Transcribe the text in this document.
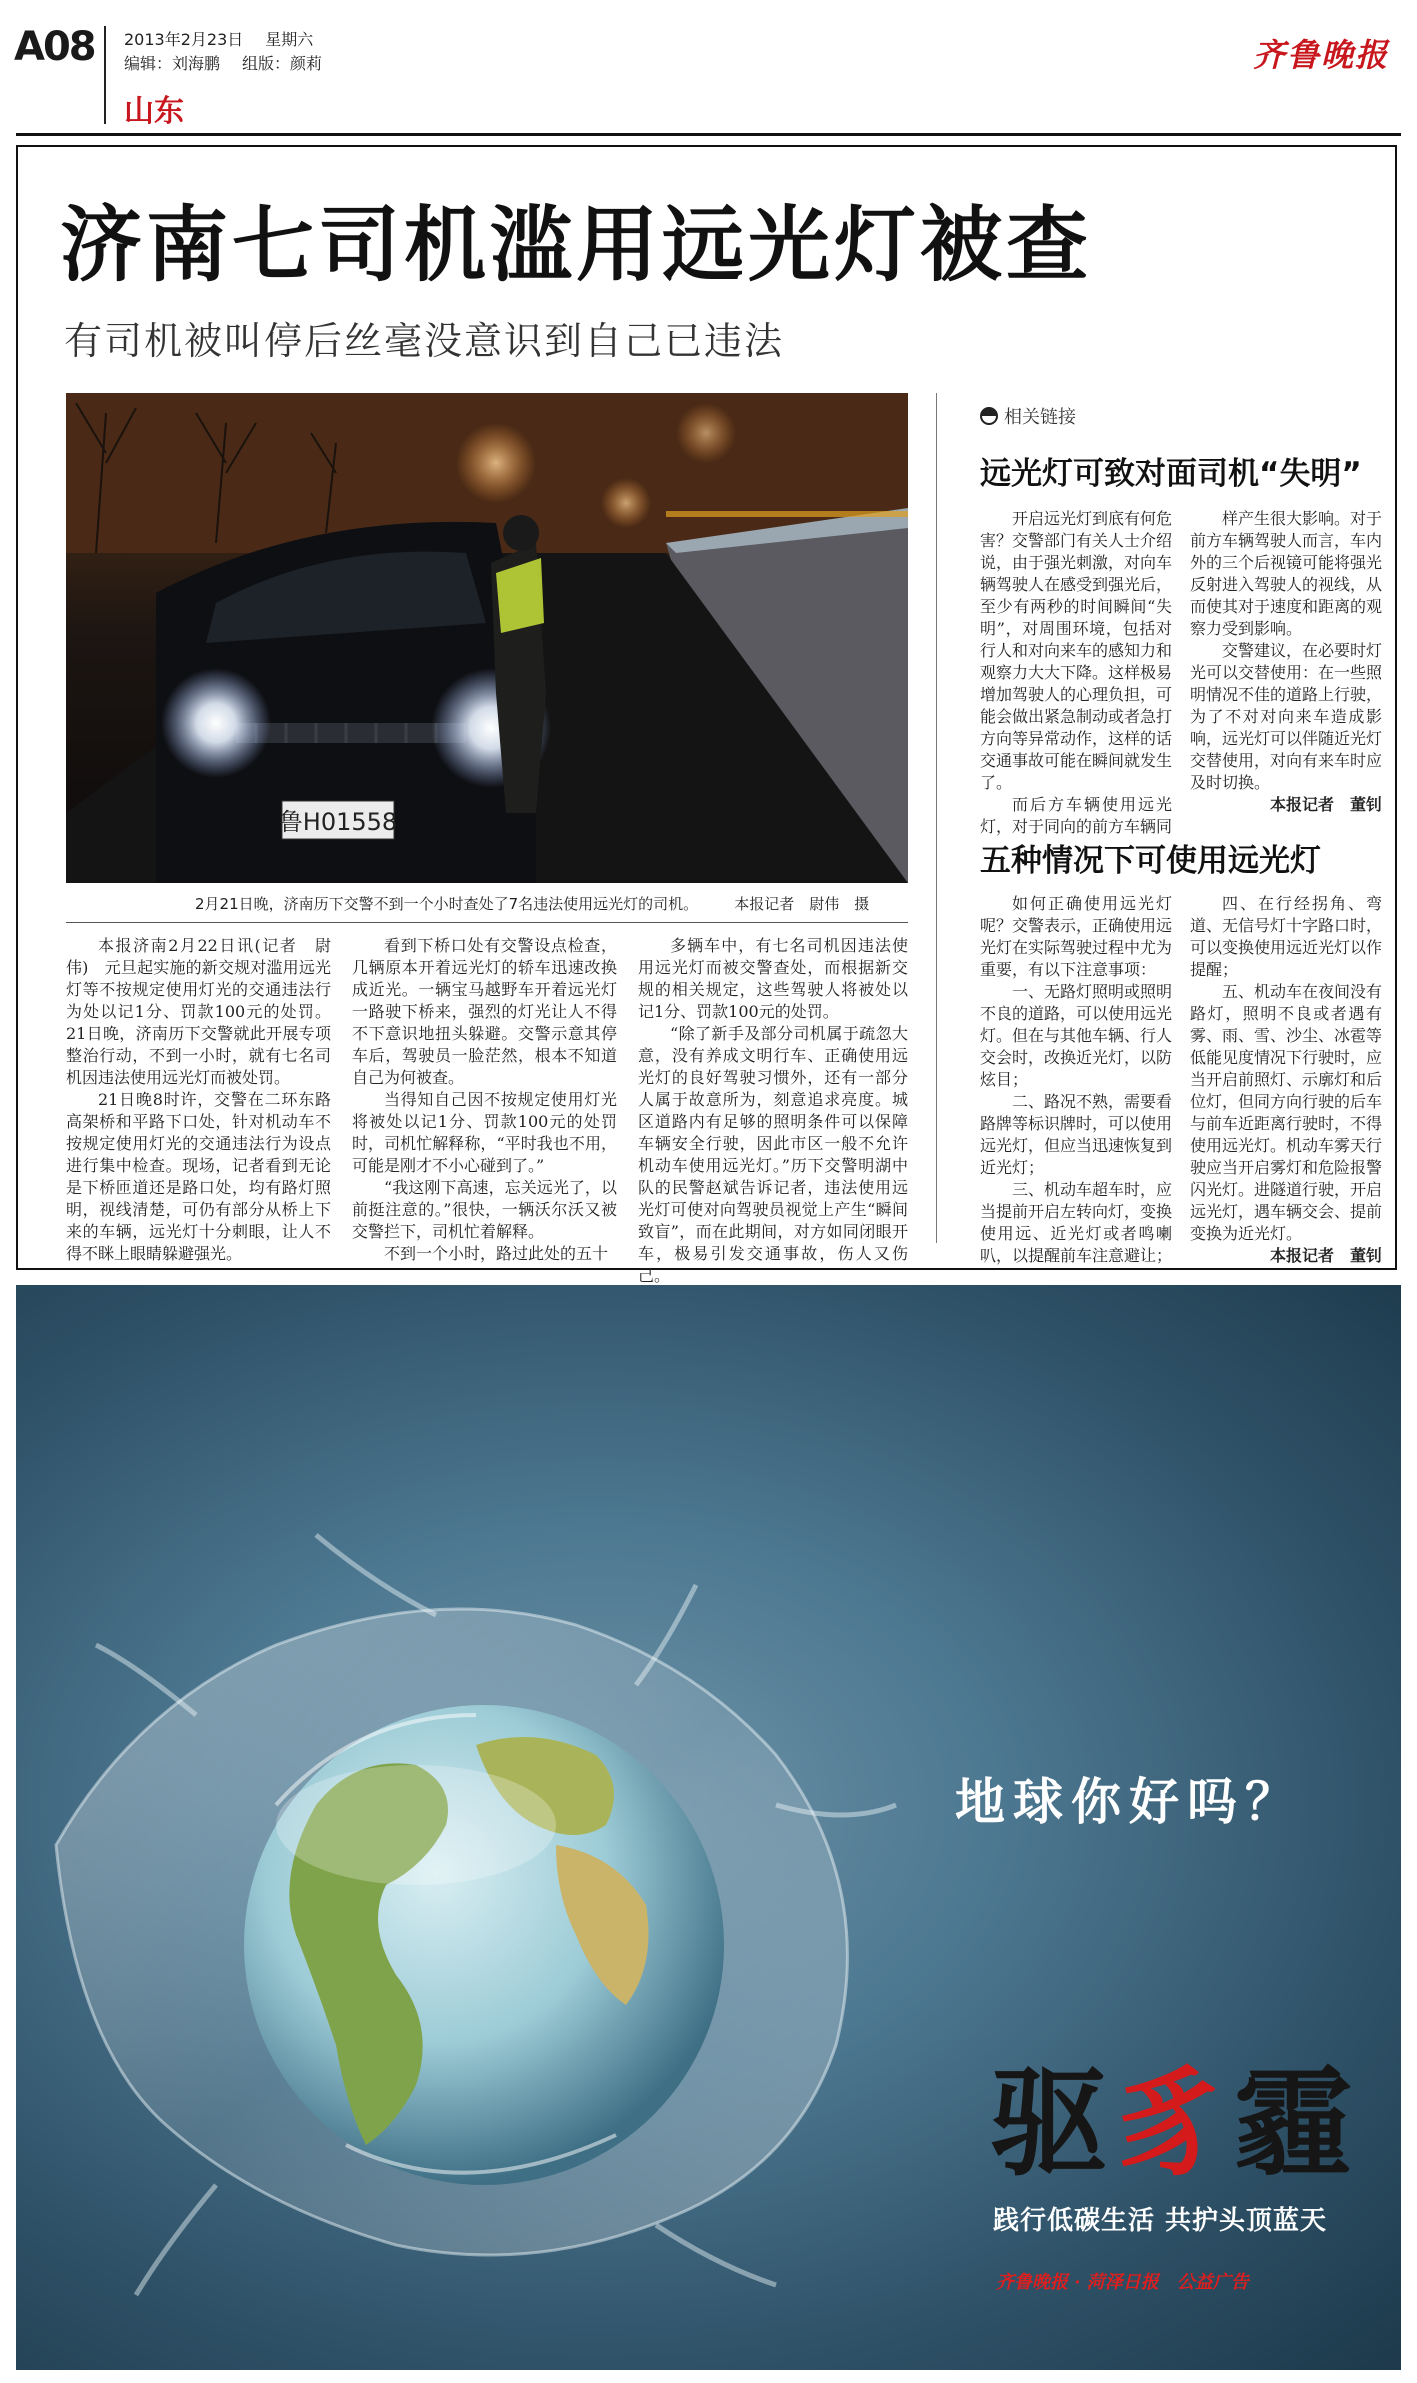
A08 2013年2月23日 星期六
编辑：刘海鹏 组版：颜莉
山东
齐鲁晚报
济南七司机滥用远光灯被查
有司机被叫停后丝毫没意识到自己已违法
鲁H01558
2月21日晚，济南历下交警不到一个小时查处了7名违法使用远光灯的司机。 本报记者　尉伟　摄

本报济南2月22日讯(记者　尉伟)　元旦起实施的新交规对滥用远光灯等不按规定使用灯光的交通违法行为处以记1分、罚款100元的处罚。21日晚，济南历下交警就此开展专项整治行动，不到一小时，就有七名司机因违法使用远光灯而被处罚。

21日晚8时许，交警在二环东路高架桥和平路下口处，针对机动车不按规定使用灯光的交通违法行为设点进行集中检查。现场，记者看到无论是下桥匝道还是路口处，均有路灯照明，视线清楚，可仍有部分从桥上下来的车辆，远光灯十分刺眼，让人不得不眯上眼睛躲避强光。

看到下桥口处有交警设点检查，几辆原本开着远光灯的轿车迅速改换成近光。一辆宝马越野车开着远光灯一路驶下桥来，强烈的灯光让人不得不下意识地扭头躲避。交警示意其停车后，驾驶员一脸茫然，根本不知道自己为何被查。

当得知自己因不按规定使用灯光将被处以记1分、罚款100元的处罚时，司机忙解释称，“平时我也不用，可能是刚才不小心碰到了。”

“我这刚下高速，忘关远光了，以前挺注意的。”很快，一辆沃尔沃又被交警拦下，司机忙着解释。

不到一个小时，路过此处的五十

多辆车中，有七名司机因违法使用远光灯而被交警查处，而根据新交规的相关规定，这些驾驶人将被处以记1分、罚款100元的处罚。

“除了新手及部分司机属于疏忽大意，没有养成文明行车、正确使用远光灯的良好驾驶习惯外，还有一部分人属于故意所为，刻意追求亮度。城区道路内有足够的照明条件可以保障车辆安全行驶，因此市区一般不允许机动车使用远光灯。”历下交警明湖中队的民警赵斌告诉记者，违法使用远光灯可使对向驾驶员视觉上产生“瞬间致盲”，而在此期间，对方如同闭眼开车，极易引发交通事故，伤人又伤己。

相关链接
远光灯可致对面司机“失明”

开启远光灯到底有何危害？交警部门有关人士介绍说，由于强光刺激，对向车辆驾驶人在感受到强光后，至少有两秒的时间瞬间“失明”，对周围环境，包括对行人和对向来车的感知力和观察力大大下降。这样极易增加驾驶人的心理负担，可能会做出紧急制动或者急打方向等异常动作，这样的话交通事故可能在瞬间就发生了。

而后方车辆使用远光灯，对于同向的前方车辆同

样产生很大影响。对于前方车辆驾驶人而言，车内外的三个后视镜可能将强光反射进入驾驶人的视线，从而使其对于速度和距离的观察力受到影响。

交警建议，在必要时灯光可以交替使用：在一些照明情况不佳的道路上行驶，为了不对对向来车造成影响，远光灯可以伴随近光灯交替使用，对向有来车时应及时切换。

本报记者　董钊
五种情况下可使用远光灯

如何正确使用远光灯呢？交警表示，正确使用远光灯在实际驾驶过程中尤为重要，有以下注意事项：

一、无路灯照明或照明不良的道路，可以使用远光灯。但在与其他车辆、行人交会时，改换近光灯，以防炫目；

二、路况不熟，需要看路牌等标识牌时，可以使用远光灯，但应当迅速恢复到近光灯；

三、机动车超车时，应当提前开启左转向灯，变换使用远、近光灯或者鸣喇叭，以提醒前车注意避让；

四、在行经拐角、弯道、无信号灯十字路口时，可以变换使用远近光灯以作提醒；

五、机动车在夜间没有路灯，照明不良或者遇有雾、雨、雪、沙尘、冰雹等低能见度情况下行驶时，应当开启前照灯、示廓灯和后位灯，但同方向行驶的后车与前车近距离行驶时，不得使用远光灯。机动车雾天行驶应当开启雾灯和危险报警闪光灯。进隧道行驶，开启远光灯，遇车辆交会、提前变换为近光灯。

本报记者　董钊
地球你好吗？
驱豸霾
践行低碳生活 共护头顶蓝天
齐鲁晚报 · 菏泽日报　公益广告
